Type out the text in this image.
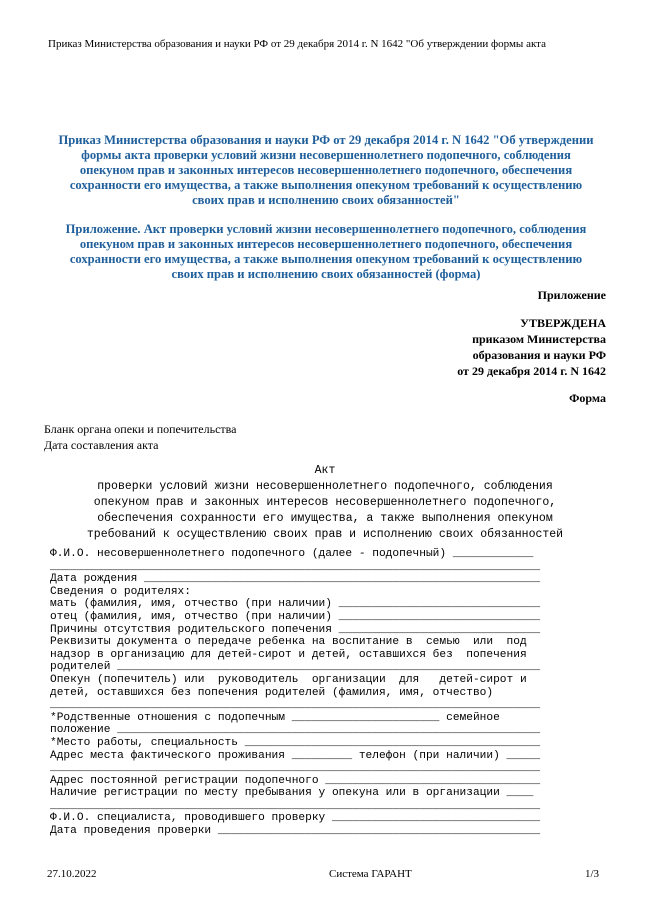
Приказ Министерства образования и науки РФ от 29 декабря 2014 г. N 1642 "Об утверждении формы акта
Приказ Министерства образования и науки РФ от 29 декабря 2014 г. N 1642 "Об утверждении
формы акта проверки условий жизни несовершеннолетнего подопечного, соблюдения
опекуном прав и законных интересов несовершеннолетнего подопечного, обеспечения
сохранности его имущества, а также выполнения опекуном требований к осуществлению
своих прав и исполнению своих обязанностей"
Приложение. Акт проверки условий жизни несовершеннолетнего подопечного, соблюдения
опекуном прав и законных интересов несовершеннолетнего подопечного, обеспечения
сохранности его имущества, а также выполнения опекуном требований к осуществлению
своих прав и исполнению своих обязанностей (форма)
Приложение
УТВЕРЖДЕНА
приказом Министерства
образования и науки РФ
от 29 декабря 2014 г. N 1642
Форма
Бланк органа опеки и попечительства
Дата составления акта
Акт
проверки условий жизни несовершеннолетнего подопечного, соблюдения
опекуном прав и законных интересов несовершеннолетнего подопечного,
обеспечения сохранности его имущества, а также выполнения опекуном
требований к осуществлению своих прав и исполнению своих обязанностей
Ф.И.О. несовершеннолетнего подопечного (далее - подопечный) ____________
_________________________________________________________________________
Дата рождения ___________________________________________________________
Сведения о родителях:
мать (фамилия, имя, отчество (при наличии) ______________________________
отец (фамилия, имя, отчество (при наличии) ______________________________
Причины отсутствия родительского попечения ______________________________
Реквизиты документа о передаче ребенка на воспитание в  семью  или  под
надзор в организацию для детей-сирот и детей, оставшихся без  попечения
родителей _______________________________________________________________
Опекун (попечитель) или  руководитель  организации  для   детей-сирот и
детей, оставшихся без попечения родителей (фамилия, имя, отчество)
_________________________________________________________________________
*Родственные отношения с подопечным ______________________ семейное
положение _______________________________________________________________
*Место работы, специальность ____________________________________________
Адрес места фактического проживания _________ телефон (при наличии) _____
_________________________________________________________________________
Адрес постоянной регистрации подопечного ________________________________
Наличие регистрации по месту пребывания у опекуна или в организации ____
_________________________________________________________________________
Ф.И.О. специалиста, проводившего проверку _______________________________
Дата проведения проверки ________________________________________________
27.10.2022	Система ГАРАНТ	1/3
